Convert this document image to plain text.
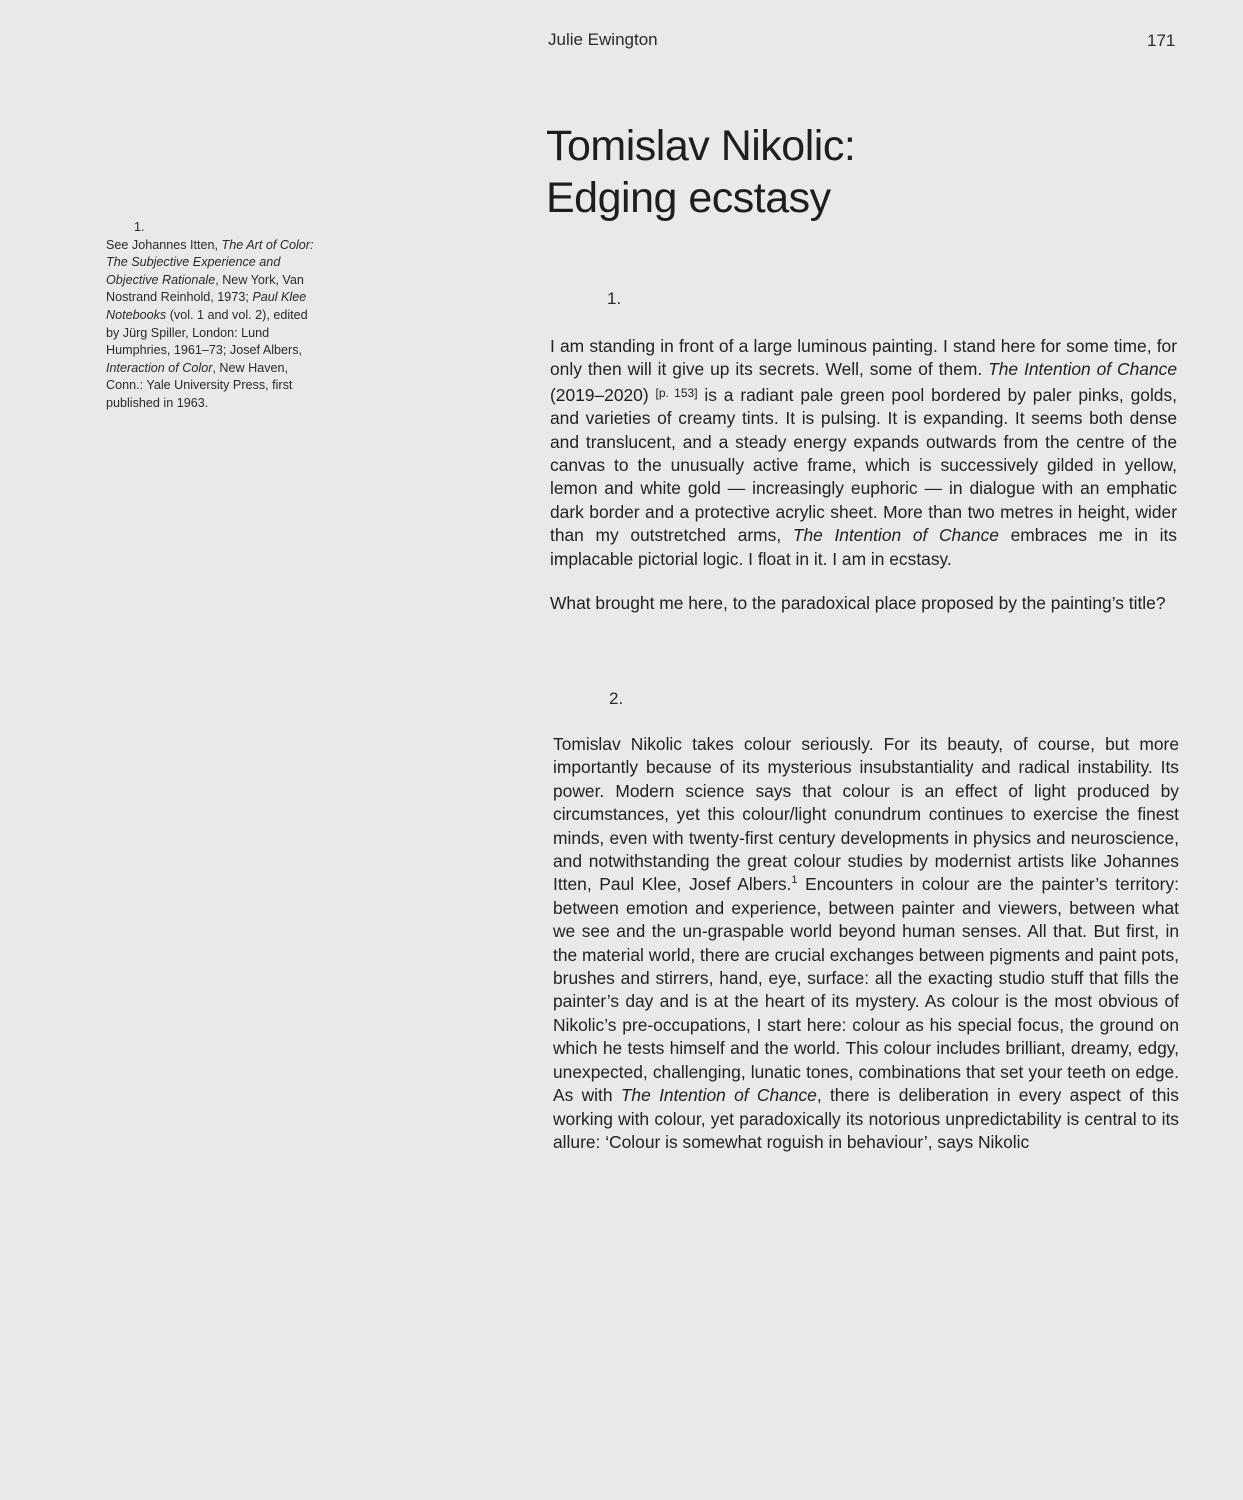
Julie Ewington	171
Tomislav Nikolic:
Edging ecstasy
1.
See Johannes Itten, The Art of Color: The Subjective Experience and Objective Rationale, New York, Van Nostrand Reinhold, 1973; Paul Klee Notebooks (vol. 1 and vol. 2), edited by Jürg Spiller, London: Lund Humphries, 1961–73; Josef Albers, Interaction of Color, New Haven, Conn.: Yale University Press, first published in 1963.
1.

I am standing in front of a large luminous painting. I stand here for some time, for only then will it give up its secrets. Well, some of them. The Intention of Chance (2019–2020) [p. 153] is a radiant pale green pool bordered by paler pinks, golds, and varieties of creamy tints. It is pulsing. It is expanding. It seems both dense and translucent, and a steady energy expands outwards from the centre of the canvas to the unusually active frame, which is successively gilded in yellow, lemon and white gold — increasingly euphoric — in dialogue with an emphatic dark border and a protective acrylic sheet. More than two metres in height, wider than my outstretched arms, The Intention of Chance embraces me in its implacable pictorial logic. I float in it. I am in ecstasy.

What brought me here, to the paradoxical place proposed by the painting’s title?

2.

Tomislav Nikolic takes colour seriously. For its beauty, of course, but more importantly because of its mysterious insubstantiality and radical instability. Its power. Modern science says that colour is an effect of light produced by circumstances, yet this colour/light conundrum continues to exercise the finest minds, even with twenty-first century developments in physics and neuroscience, and notwithstanding the great colour studies by modernist artists like Johannes Itten, Paul Klee, Josef Albers.$^1$ Encounters in colour are the painter’s territory: between emotion and experience, between painter and viewers, between what we see and the un-graspable world beyond human senses. All that. But first, in the material world, there are crucial exchanges between pigments and paint pots, brushes and stirrers, hand, eye, surface: all the exacting studio stuff that fills the painter’s day and is at the heart of its mystery. As colour is the most obvious of Nikolic’s pre-occupations, I start here: colour as his special focus, the ground on which he tests himself and the world. This colour includes brilliant, dreamy, edgy, unexpected, challenging, lunatic tones, combinations that set your teeth on edge. As with The Intention of Chance, there is deliberation in every aspect of this working with colour, yet paradoxically its notorious unpredictability is central to its allure: ‘Colour is somewhat roguish in behaviour’, says Nikolic
